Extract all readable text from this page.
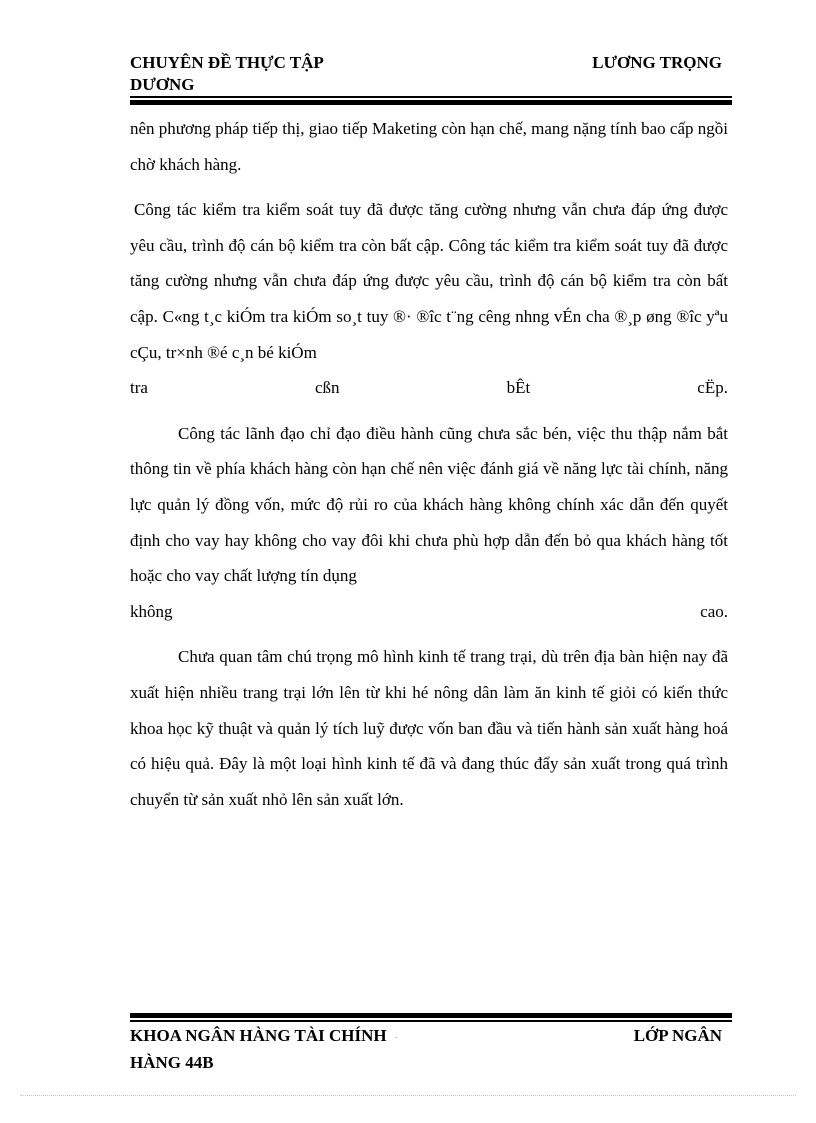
CHUYÊN ĐỀ THỰC TẬP	LƯƠNG TRỌNG
DƯƠNG

nên phương pháp tiếp thị, giao tiếp Maketing còn hạn chế, mang nặng tính bao cấp ngồi chờ khách hàng.

Công tác kiểm tra kiểm soát tuy đã được tăng cường nhưng vẫn chưa đáp ứng được yêu cầu, trình độ cán bộ kiểm tra còn bất cập. Công tác kiểm tra kiểm soát tuy đã được tăng cường nhưng vẫn chưa đáp ứng được yêu cầu, trình độ cán bộ kiểm tra còn bất cập. C«ng t¸c kiÓm tra kiÓm so¸t tuy ®· ®îc t¨ng cêng nhng vÉn cha ®¸p øng ®îc yªu cÇu, tr×nh ®é c¸n bé kiÓm

tra	cßn	bÊt	cËp.

Công tác lãnh đạo chỉ đạo điều hành cũng chưa sắc bén, việc thu thập nắm bắt thông tin về phía khách hàng còn hạn chế nên việc đánh giá về năng lực tài chính, năng lực quản lý đồng vốn, mức độ rủi ro của khách hàng không chính xác dẫn đến quyết định cho vay hay không cho vay đôi khi chưa phù hợp dẫn đến bỏ qua khách hàng tốt hoặc cho vay chất lượng tín dụng

không	cao.

Chưa quan tâm chú trọng mô hình kinh tế trang trại, dù trên địa bàn hiện nay đã xuất hiện nhiều trang trại lớn lên từ khi hé nông dân làm ăn kinh tế giỏi có kiến thức khoa học kỹ thuật và quản lý tích luỹ được vốn ban đầu và tiến hành sản xuất hàng hoá có hiệu quả. Đây là một loại hình kinh tế đã và đang thúc đẩy sản xuất trong quá trình chuyển từ sản xuất nhỏ lên sản xuất lớn.

KHOA NGÂN HÀNG TÀI CHÍNH ·	LỚP NGÂN
HÀNG 44B
